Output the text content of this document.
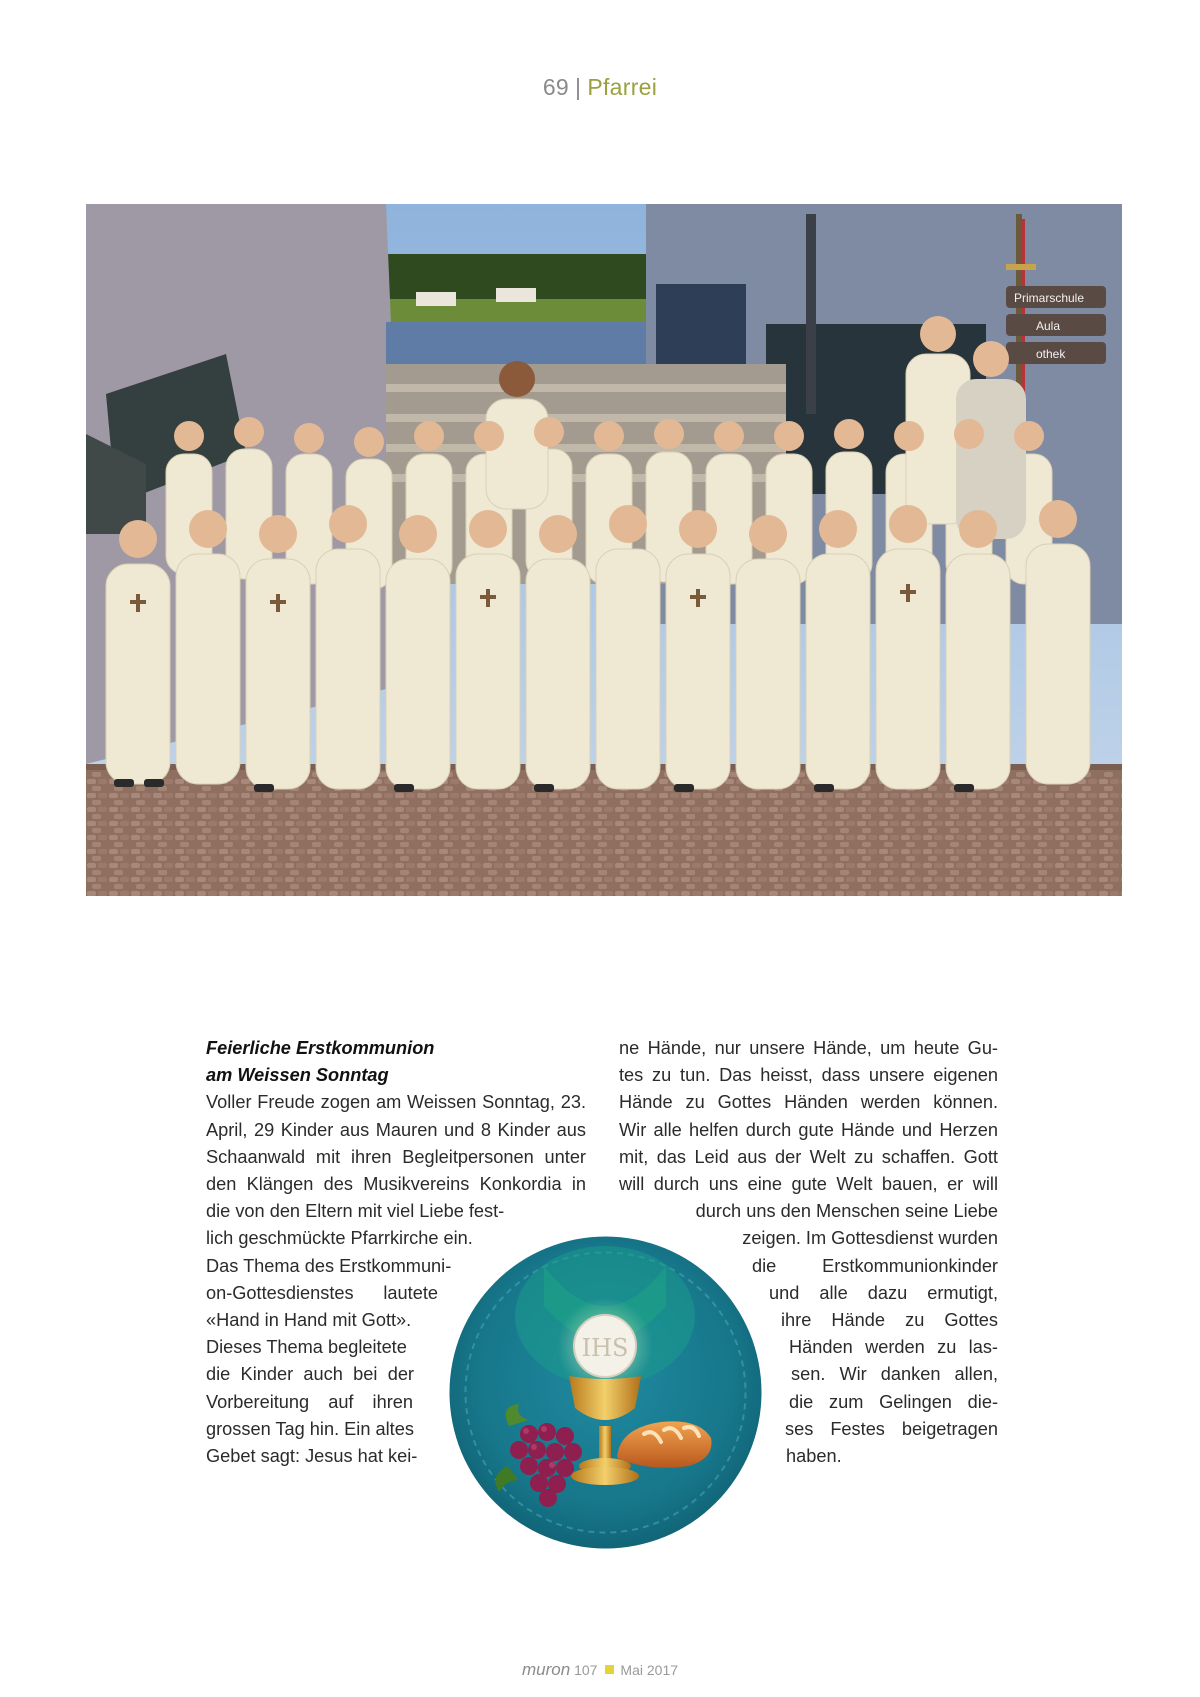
69 | Pfarrei
Primarschule
Aula
othek

Feierliche Erstkommunion

am Weissen Sonntag

Voller Freude zogen am Weissen Sonntag, 23.

April, 29 Kinder aus Mauren und 8 Kinder aus

Schaanwald mit ihren Begleitpersonen unter

den Klängen des Musikvereins Konkordia in

die von den Eltern mit viel Liebe fest-

lich geschmückte Pfarrkirche ein.

Das Thema des Erstkommuni-

on-Gottesdienstes lautete

«Hand in Hand mit Gott».

Dieses Thema begleitete

die Kinder auch bei der

Vorbereitung auf ihren

grossen Tag hin. Ein altes

Gebet sagt: Jesus hat kei-

ne Hände, nur unsere Hände, um heute Gu-

tes zu tun. Das heisst, dass unsere eigenen

Hände zu Gottes Händen werden können.

Wir alle helfen durch gute Hände und Herzen

mit, das Leid aus der Welt zu schaffen. Gott

will durch uns eine gute Welt bauen, er will

durch uns den Menschen seine Liebe

zeigen. Im Gottesdienst wurden

die Erstkommunionkinder

und alle dazu ermutigt,

ihre Hände zu Gottes

Händen werden zu las-

sen. Wir danken allen,

die zum Gelingen die-

ses Festes beigetragen

haben.

IHS
muron 107 Mai 2017
